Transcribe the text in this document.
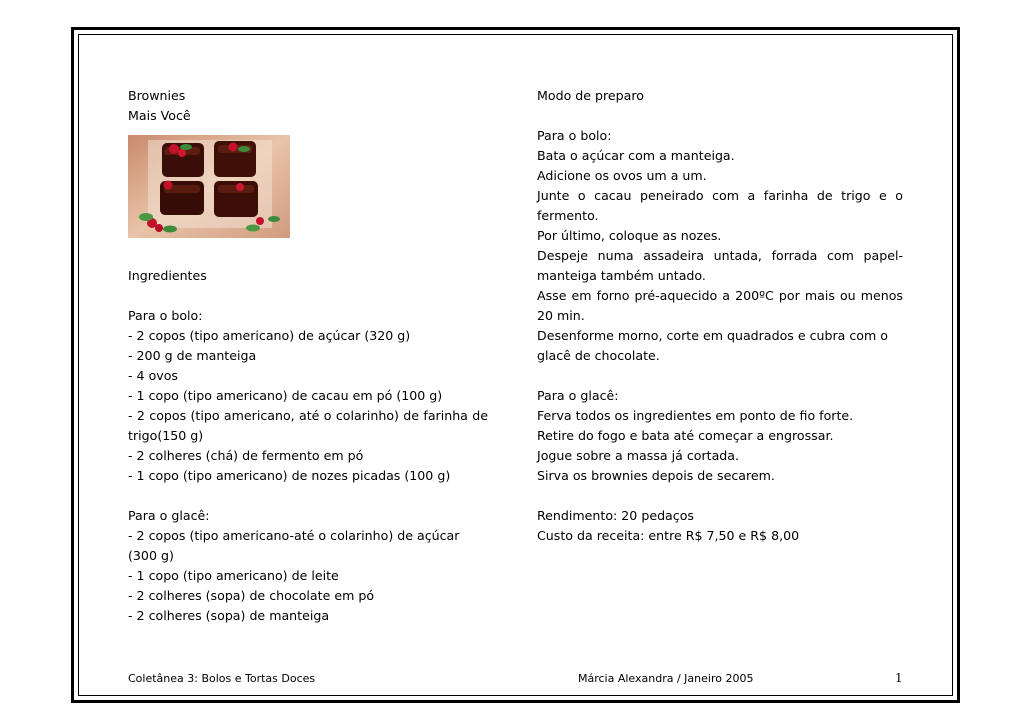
Brownies
Mais Você
Ingredientes
Para o bolo:
- 2 copos (tipo americano) de açúcar (320 g)
- 200 g de manteiga
- 4 ovos
- 1 copo (tipo americano) de cacau em pó (100 g)
- 2 copos (tipo americano, até o colarinho) de farinha de trigo(150 g)
- 2 colheres (chá) de fermento em pó
- 1 copo (tipo americano) de nozes picadas (100 g)
Para o glacê:
- 2 copos (tipo americano-até o colarinho) de açúcar (300 g)
- 1 copo (tipo americano) de leite
- 2 colheres (sopa) de chocolate em pó
- 2 colheres (sopa) de manteiga
Modo de preparo
Para o bolo:
Bata o açúcar com a manteiga.
Adicione os ovos um a um.
Junte o cacau peneirado com a farinha de trigo e o fermento.
Por último, coloque as nozes.
Despeje numa assadeira untada, forrada com papel-manteiga também untado.
Asse em forno pré-aquecido a 200ºC por mais ou menos 20 min.
Desenforme morno, corte em quadrados e cubra com o glacê de chocolate.
Para o glacê:
Ferva todos os ingredientes em ponto de fio forte.
Retire do fogo e bata até começar a engrossar.
Jogue sobre a massa já cortada.
Sirva os brownies depois de secarem.
Rendimento: 20 pedaços
Custo da receita: entre R$ 7,50 e R$ 8,00
Coletânea 3: Bolos e Tortas Doces	Márcia Alexandra / Janeiro 2005	1
